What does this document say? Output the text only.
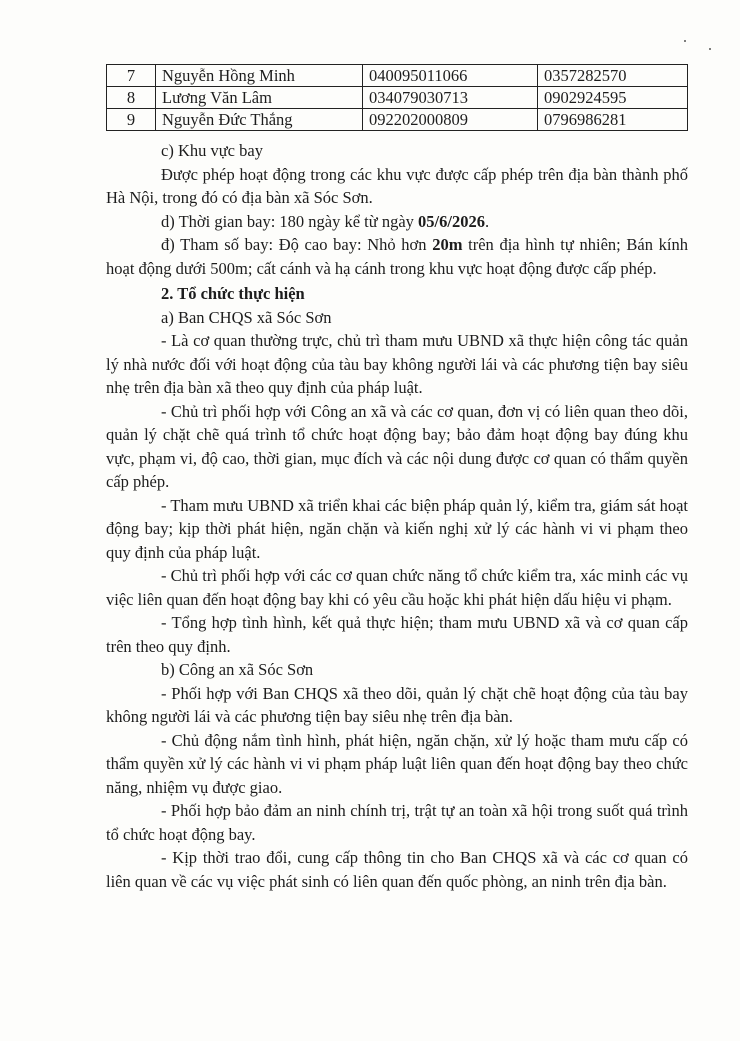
7	Nguyễn Hồng Minh	040095011066	0357282570
8	Lương Văn Lâm	034079030713	0902924595
9	Nguyễn Đức Thắng	092202000809	0796986281

c) Khu vực bay

Được phép hoạt động trong các khu vực được cấp phép trên địa bàn thành phố Hà Nội, trong đó có địa bàn xã Sóc Sơn.

d) Thời gian bay: 180 ngày kể từ ngày 05/6/2026.

đ) Tham số bay: Độ cao bay: Nhỏ hơn 20m trên địa hình tự nhiên; Bán kính hoạt động dưới 500m; cất cánh và hạ cánh trong khu vực hoạt động được cấp phép.

2. Tổ chức thực hiện

a) Ban CHQS xã Sóc Sơn

- Là cơ quan thường trực, chủ trì tham mưu UBND xã thực hiện công tác quản lý nhà nước đối với hoạt động của tàu bay không người lái và các phương tiện bay siêu nhẹ trên địa bàn xã theo quy định của pháp luật.

- Chủ trì phối hợp với Công an xã và các cơ quan, đơn vị có liên quan theo dõi, quản lý chặt chẽ quá trình tổ chức hoạt động bay; bảo đảm hoạt động bay đúng khu vực, phạm vi, độ cao, thời gian, mục đích và các nội dung được cơ quan có thẩm quyền cấp phép.

- Tham mưu UBND xã triển khai các biện pháp quản lý, kiểm tra, giám sát hoạt động bay; kịp thời phát hiện, ngăn chặn và kiến nghị xử lý các hành vi vi phạm theo quy định của pháp luật.

- Chủ trì phối hợp với các cơ quan chức năng tổ chức kiểm tra, xác minh các vụ việc liên quan đến hoạt động bay khi có yêu cầu hoặc khi phát hiện dấu hiệu vi phạm.

- Tổng hợp tình hình, kết quả thực hiện; tham mưu UBND xã và cơ quan cấp trên theo quy định.

b) Công an xã Sóc Sơn

- Phối hợp với Ban CHQS xã theo dõi, quản lý chặt chẽ hoạt động của tàu bay không người lái và các phương tiện bay siêu nhẹ trên địa bàn.

- Chủ động nắm tình hình, phát hiện, ngăn chặn, xử lý hoặc tham mưu cấp có thẩm quyền xử lý các hành vi vi phạm pháp luật liên quan đến hoạt động bay theo chức năng, nhiệm vụ được giao.

- Phối hợp bảo đảm an ninh chính trị, trật tự an toàn xã hội trong suốt quá trình tổ chức hoạt động bay.

- Kịp thời trao đổi, cung cấp thông tin cho Ban CHQS xã và các cơ quan có liên quan về các vụ việc phát sinh có liên quan đến quốc phòng, an ninh trên địa bàn.
